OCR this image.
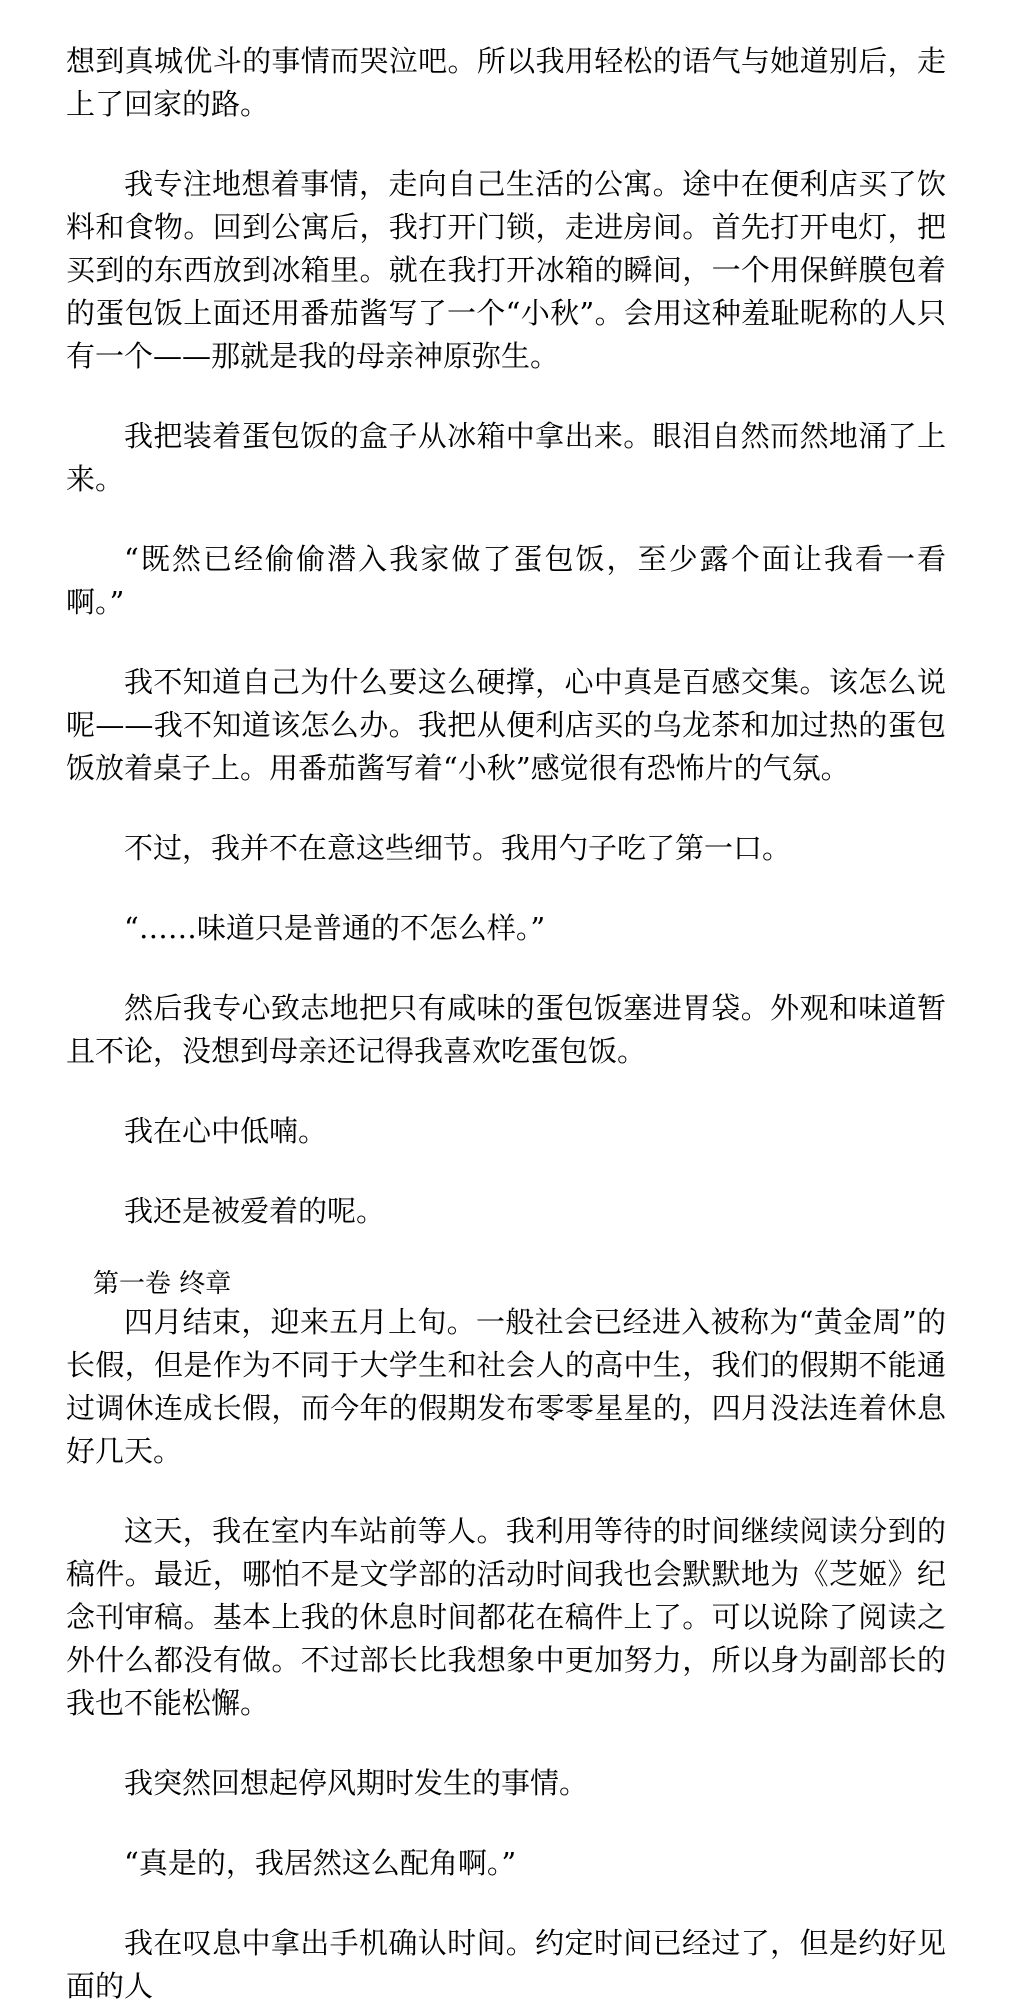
想到真城优斗的事情而哭泣吧。所以我用轻松的语气与她道别后，走上了回家的路。

我专注地想着事情，走向自己生活的公寓。途中在便利店买了饮料和食物。回到公寓后，我打开门锁，走进房间。首先打开电灯，把买到的东西放到冰箱里。就在我打开冰箱的瞬间，一个用保鲜膜包着的蛋包饭上面还用番茄酱写了一个“小秋”。会用这种羞耻昵称的人只有一个——那就是我的母亲神原弥生。

我把装着蛋包饭的盒子从冰箱中拿出来。眼泪自然而然地涌了上来。

“既然已经偷偷潜入我家做了蛋包饭，至少露个面让我看一看啊。”

我不知道自己为什么要这么硬撑，心中真是百感交集。该怎么说呢——我不知道该怎么办。我把从便利店买的乌龙茶和加过热的蛋包饭放着桌子上。用番茄酱写着“小秋”感觉很有恐怖片的气氛。

不过，我并不在意这些细节。我用勺子吃了第一口。

“……味道只是普通的不怎么样。”

然后我专心致志地把只有咸味的蛋包饭塞进胃袋。外观和味道暂且不论，没想到母亲还记得我喜欢吃蛋包饭。

我在心中低喃。

我还是被爱着的呢。

第一卷 终章

四月结束，迎来五月上旬。一般社会已经进入被称为“黄金周”的长假，但是作为不同于大学生和社会人的高中生，我们的假期不能通过调休连成长假，而今年的假期发布零零星星的，四月没法连着休息好几天。

这天，我在室内车站前等人。我利用等待的时间继续阅读分到的稿件。最近，哪怕不是文学部的活动时间我也会默默地为《芝姬》纪念刊审稿。基本上我的休息时间都花在稿件上了。可以说除了阅读之外什么都没有做。不过部长比我想象中更加努力，所以身为副部长的我也不能松懈。

我突然回想起停风期时发生的事情。

“真是的，我居然这么配角啊。”

我在叹息中拿出手机确认时间。约定时间已经过了，但是约好见面的人
